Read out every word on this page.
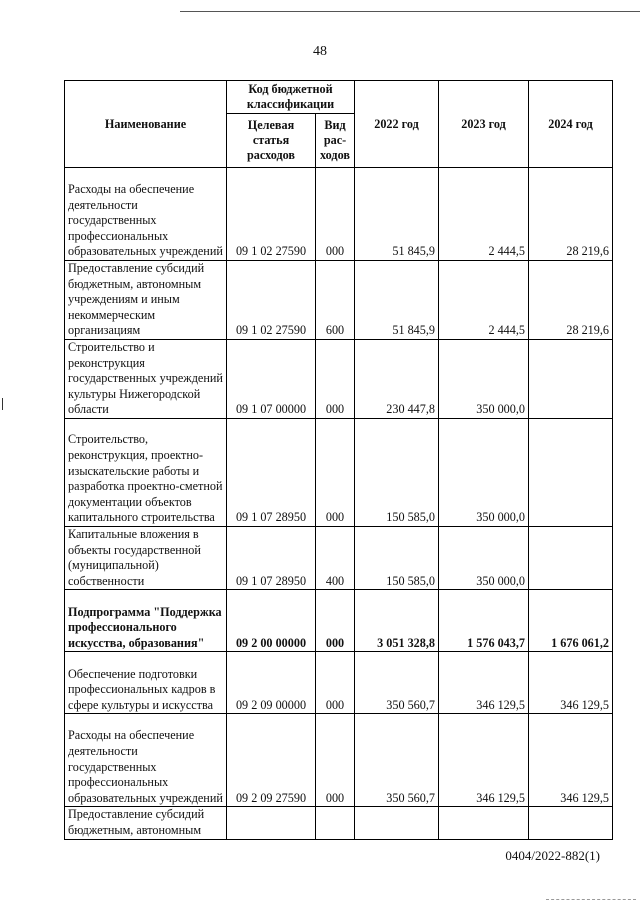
48
Наименование	Код бюджетной классификации		2022 год	2023 год	2024 год
	Целевая статья расходов	Вид рас-ходов			
Расходы на обеспечение деятельности государственных профессиональных образовательных учреждений	09 1 02 27590	000	51 845,9	2 444,5	28 219,6
Предоставление субсидий бюджетным, автономным учреждениям и иным некоммерческим организациям	09 1 02 27590	600	51 845,9	2 444,5	28 219,6
Строительство и реконструкция государственных учреждений культуры Нижегородской области	09 1 07 00000	000	230 447,8	350 000,0	
Строительство, реконструкция, проектно-изыскательские работы и разработка проектно-сметной документации объектов капитального строительства	09 1 07 28950	000	150 585,0	350 000,0	
Капитальные вложения в объекты государственной (муниципальной) собственности	09 1 07 28950	400	150 585,0	350 000,0	
Подпрограмма "Поддержка профессионального искусства, образования"	09 2 00 00000	000	3 051 328,8	1 576 043,7	1 676 061,2
Обеспечение подготовки профессиональных кадров в сфере культуры и искусства	09 2 09 00000	000	350 560,7	346 129,5	346 129,5
Расходы на обеспечение деятельности государственных профессиональных образовательных учреждений	09 2 09 27590	000	350 560,7	346 129,5	346 129,5
Предоставление субсидий бюджетным, автономным					
0404/2022-882(1)
